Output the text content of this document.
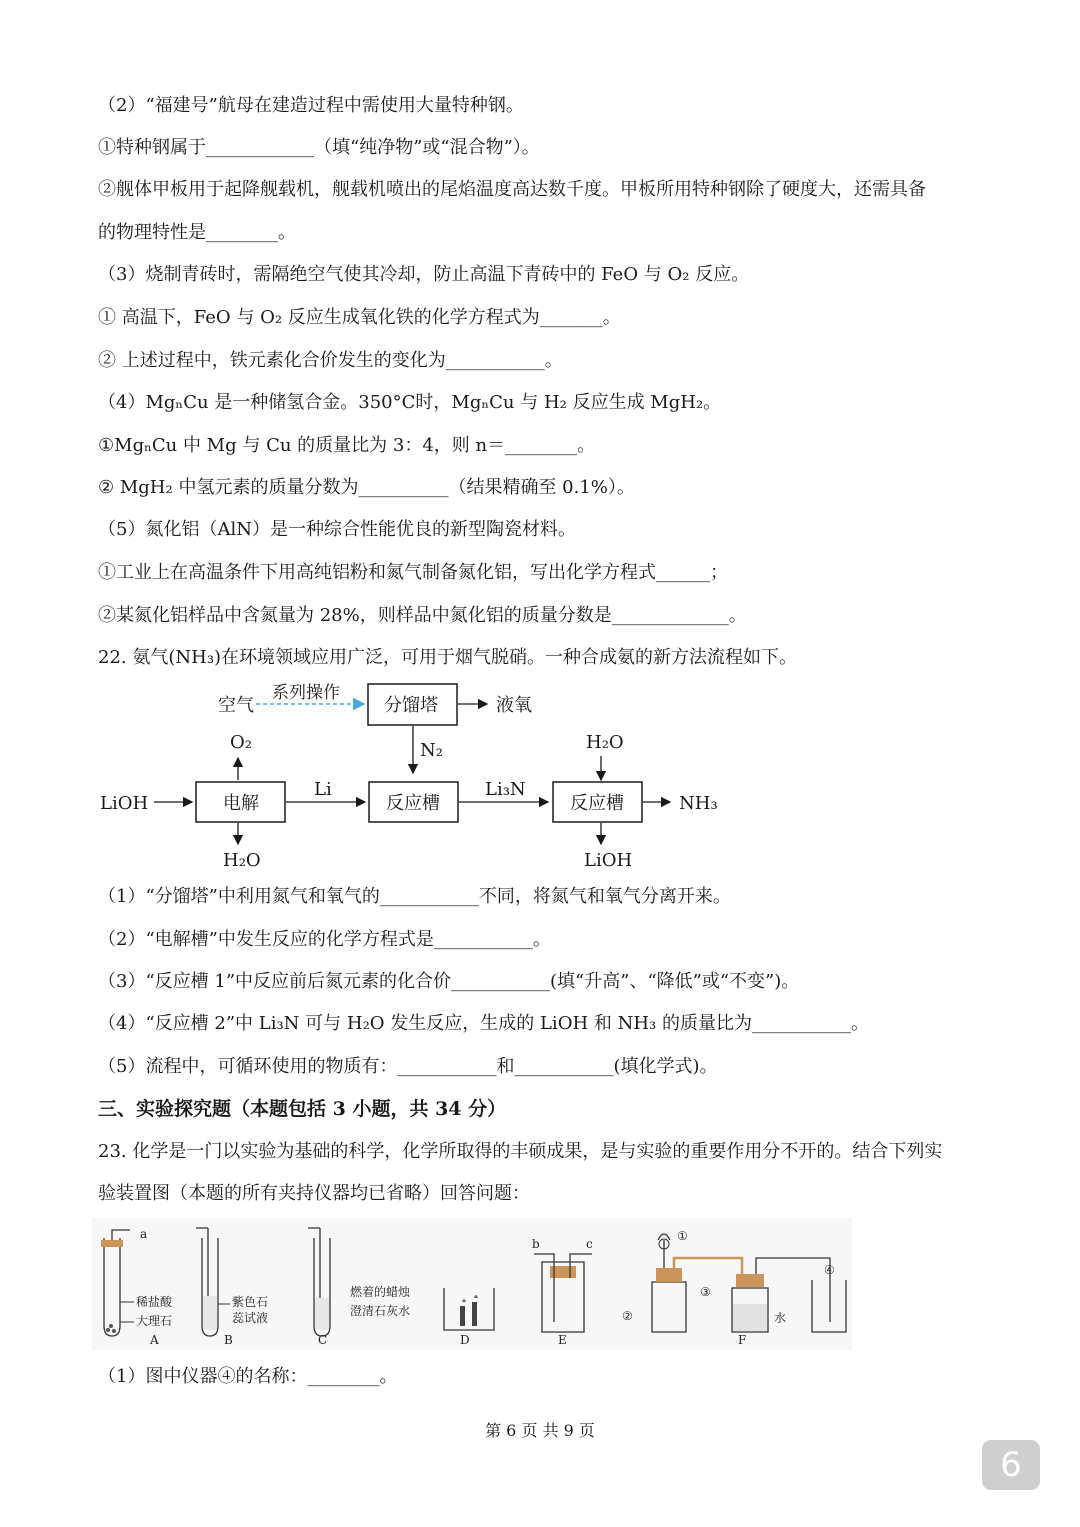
（2）“福建号”航母在建造过程中需使用大量特种钢。
①特种钢属于____________（填“纯净物”或“混合物”）。
②舰体甲板用于起降舰载机，舰载机喷出的尾焰温度高达数千度。甲板所用特种钢除了硬度大，还需具备
的物理特性是________。
（3）烧制青砖时，需隔绝空气使其冷却，防止高温下青砖中的 FeO 与 O₂ 反应。
① 高温下，FeO 与 O₂ 反应生成氧化铁的化学方程式为_______。
② 上述过程中，铁元素化合价发生的变化为___________。
（4）MgₙCu 是一种储氢合金。350°C时，MgₙCu 与 H₂ 反应生成 MgH₂。
①MgₙCu 中 Mg 与 Cu 的质量比为 3：4，则 n＝________。
② MgH₂ 中氢元素的质量分数为__________（结果精确至 0.1%）。
（5）氮化铝（AlN）是一种综合性能优良的新型陶瓷材料。
①工业上在高温条件下用高纯铝粉和氮气制备氮化铝，写出化学方程式______；
②某氮化铝样品中含氮量为 28%，则样品中氮化铝的质量分数是_____________。
22. 氨气(NH₃)在环境领域应用广泛，可用于烟气脱硝。一种合成氨的新方法流程如下。
空气
系列操作
分馏塔	液氧
N₂
O₂	H₂O
LiOH	电解
Li
反应槽
Li₃N
反应槽	NH₃
H₂O	LiOH
（1）“分馏塔”中利用氮气和氧气的___________不同，将氮气和氧气分离开来。
（2）“电解槽”中发生反应的化学方程式是___________。
（3）“反应槽 1”中反应前后氮元素的化合价___________(填“升高”、“降低”或“不变”)。
（4）“反应槽 2”中 Li₃N 可与 H₂O 发生反应，生成的 LiOH 和 NH₃ 的质量比为___________。
（5）流程中，可循环使用的物质有：___________和___________(填化学式)。
三、实验探究题（本题包括 3 小题，共 34 分）
23. 化学是一门以实验为基础的科学，化学所取得的丰硕成果，是与实验的重要作用分不开的。结合下列实
验装置图（本题的所有夹持仪器均已省略）回答问题：
a
稀盐酸
大理石
A
紫色石
蕊试液
B	C
燃着的蜡烛
澄清石灰水
D
b	c
E
①
②
③
水
④
F
（1）图中仪器④的名称：________。
第 6 页 共 9 页
6
